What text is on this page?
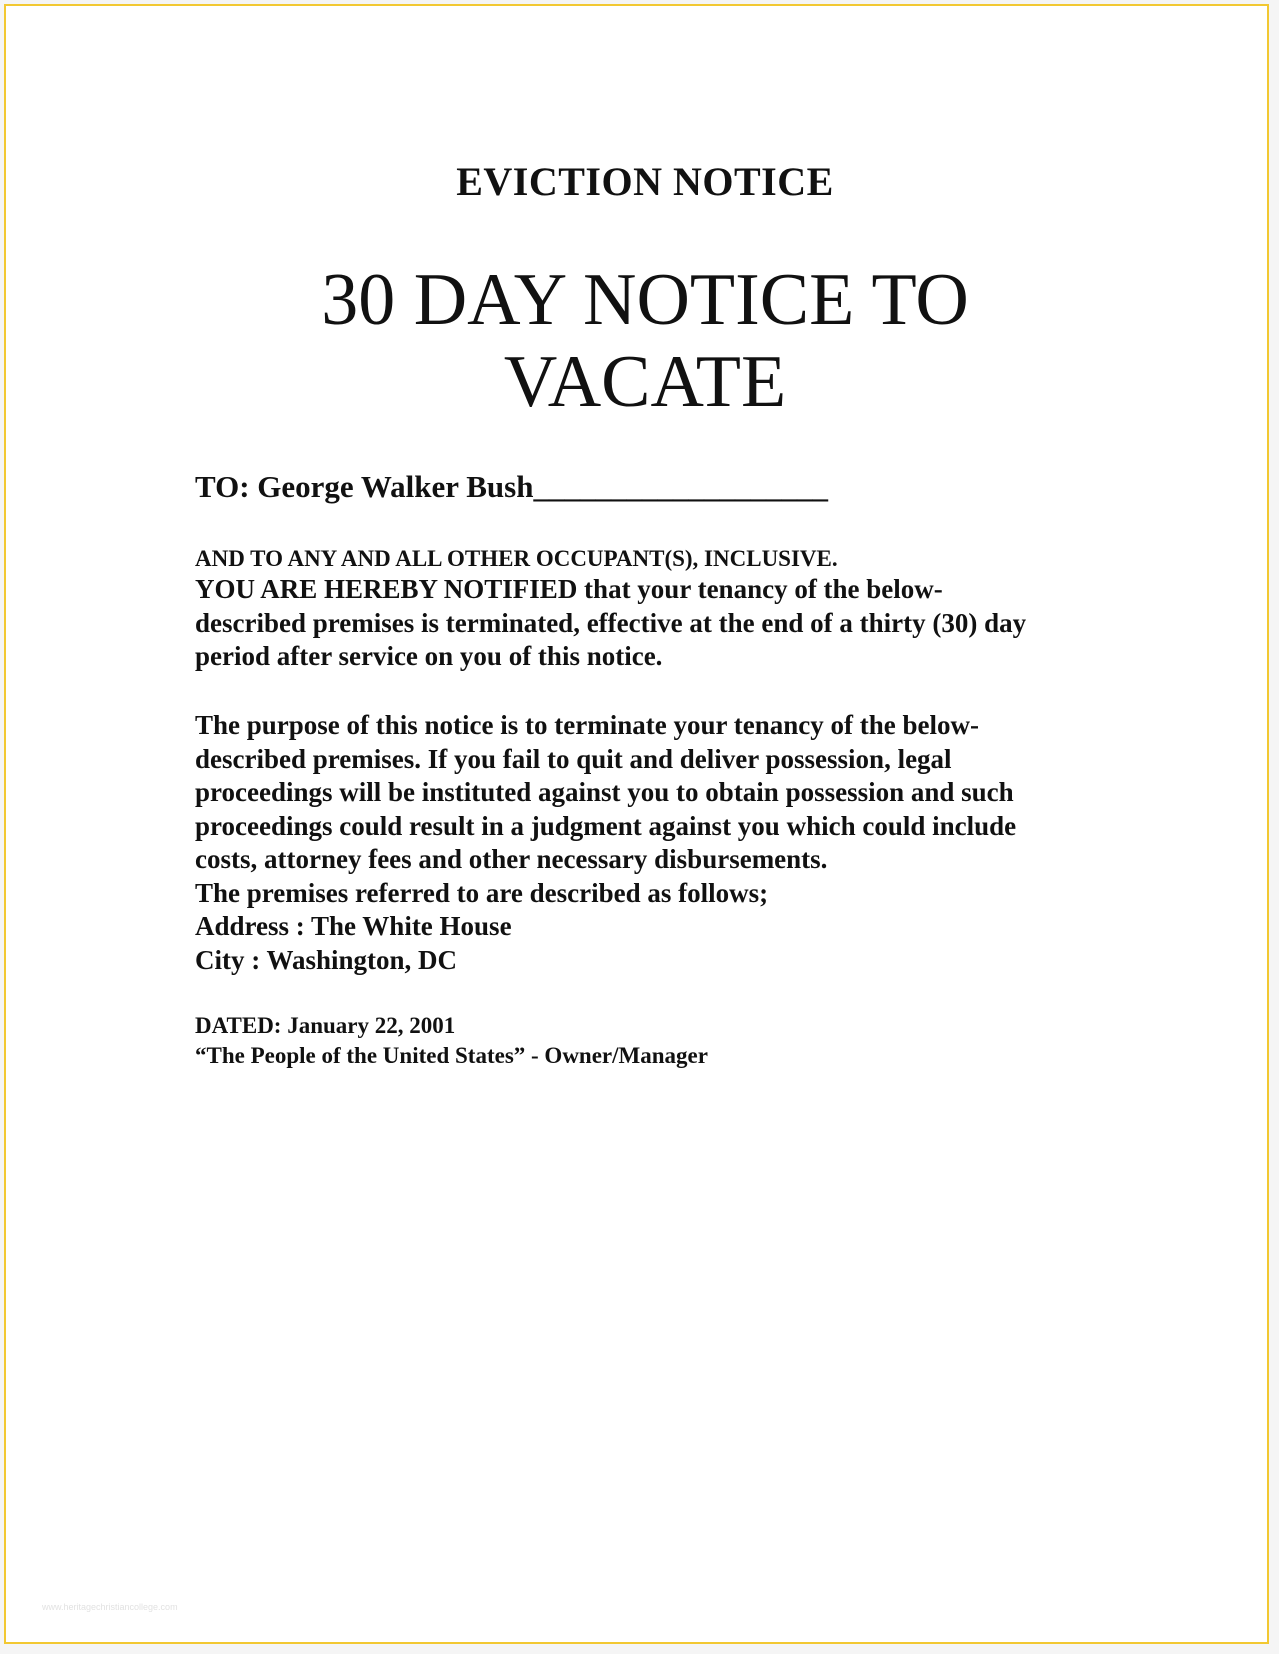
EVICTION NOTICE
30 DAY NOTICE TO
VACATE
TO: George Walker Bush___________________
AND TO ANY AND ALL OTHER OCCUPANT(S), INCLUSIVE.

YOU ARE HEREBY NOTIFIED that your tenancy of the below-
described premises is terminated, effective at the end of a thirty (30) day
period after service on you of this notice.

The purpose of this notice is to terminate your tenancy of the below-
described premises. If you fail to quit and deliver possession, legal
proceedings will be instituted against you to obtain possession and such
proceedings could result in a judgment against you which could include
costs, attorney fees and other necessary disbursements.
The premises referred to are described as follows;
Address : The White House
City : Washington, DC

DATED: January 22, 2001
“The People of the United States” - Owner/Manager
www.heritagechristiancollege.com
